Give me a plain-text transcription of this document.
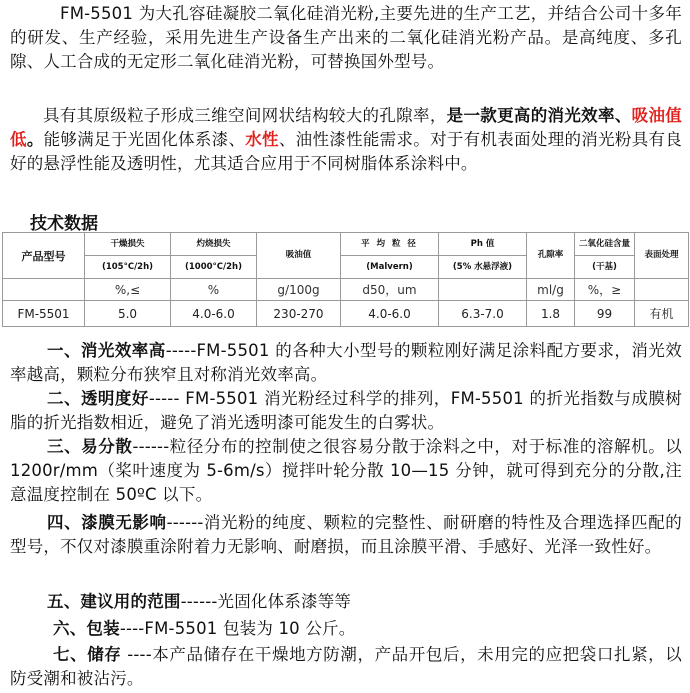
FM-5501 为大孔容硅凝胶二氧化硅消光粉,主要先进的生产工艺，并结合公司十多年的研发、生产经验，采用先进生产设备生产出来的二氧化硅消光粉产品。是高纯度、多孔隙、人工合成的无定形二氧化硅消光粉，可替换国外型号。

具有其原级粒子形成三维空间网状结构较大的孔隙率，是一款更高的消光效率、吸油值低。能够满足于光固化体系漆、水性、油性漆性能需求。对于有机表面处理的消光粉具有良好的悬浮性能及透明性，尤其适合应用于不同树脂体系涂料中。

技术数据

产品型号	干燥损失	灼烧损失	吸油值	平 均 粒 径	Ph 值	孔隙率	二氧化硅含量	表面处理
	(105°C/2h)	(1000°C/2h)		(Malvern)	(5% 水悬浮液)		(干基)	
	%,≤	%	g/100g	d50，um		ml/g	%，≥	
FM-5501	5.0	4.0-6.0	230-270	4.0-6.0	6.3-7.0	1.8	99	有机

一、消光效率高-----FM-5501 的各种大小型号的颗粒刚好满足涂料配方要求，消光效率越高，颗粒分布狭窄且对称消光效率高。

二、透明度好----- FM-5501 消光粉经过科学的排列，FM-5501 的折光指数与成膜树脂的折光指数相近，避免了消光透明漆可能发生的白雾状。

三、易分散------粒径分布的控制使之很容易分散于涂料之中，对于标准的溶解机。以 1200r/mm（桨叶速度为 5-6m/s）搅拌叶轮分散 10—15 分钟，就可得到充分的分散,注意温度控制在 50ºC 以下。

四、漆膜无影响------消光粉的纯度、颗粒的完整性、耐研磨的特性及合理选择匹配的型号，不仅对漆膜重涂附着力无影响、耐磨损，而且涂膜平滑、手感好、光泽一致性好。

五、建议用的范围------光固化体系漆等等

六、包装----FM-5501 包装为 10 公斤。

七、储存 ----本产品储存在干燥地方防潮，产品开包后，未用完的应把袋口扎紧，以防受潮和被沾污。
